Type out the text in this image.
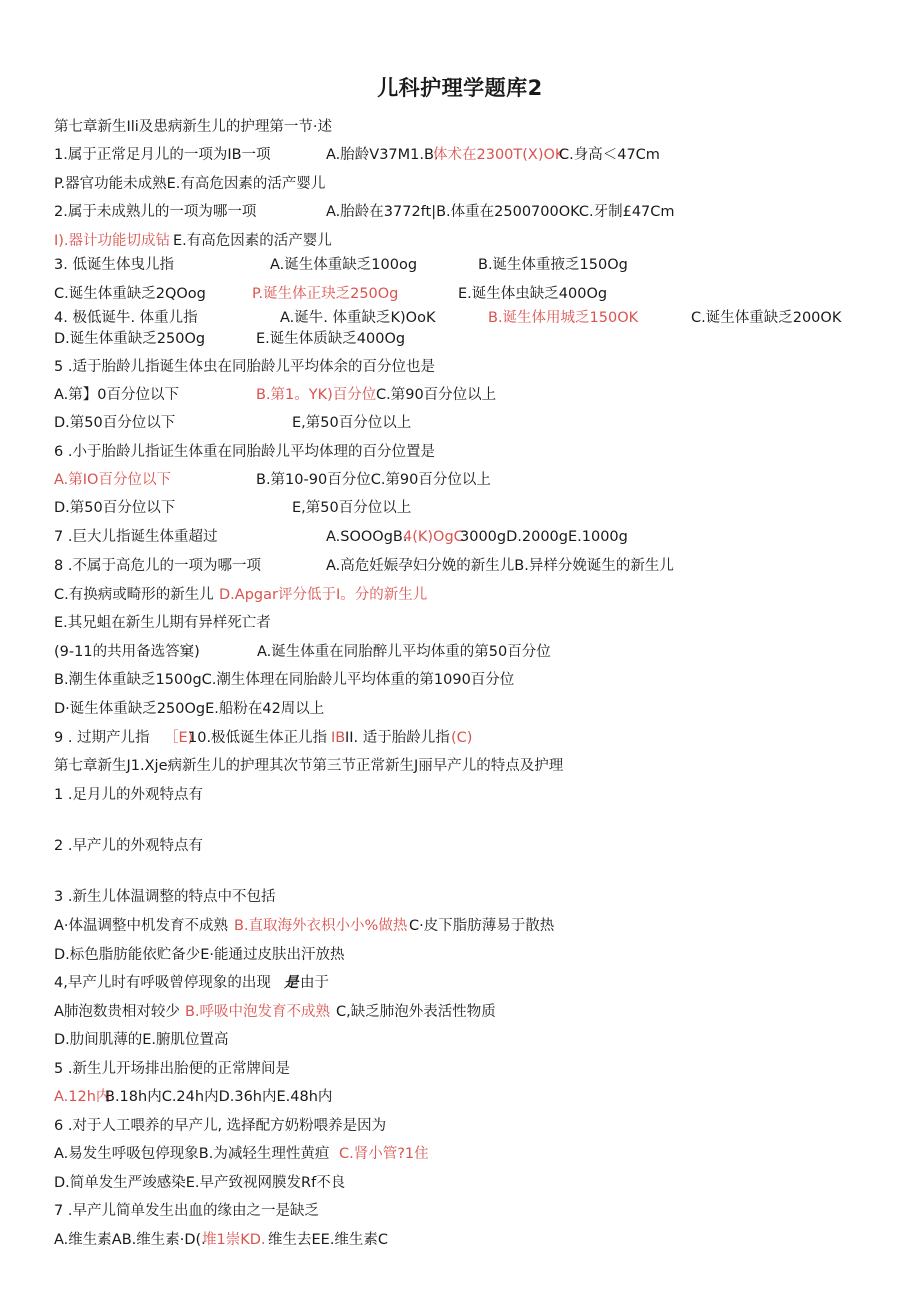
儿科护理学题库2
第七章新生Ili及患病新生儿的护理第一节·述
1.属于正常足月儿的一项为IB一项	A.胎龄V37M1.B.
体术在2300T(X)OK
C.身高＜47Cm
P.器官功能未成熟E.有高危因素的活产婴儿
2.属于未成熟儿的一项为哪一项	A.胎龄在3772ft|B.体重在2500700OKC.牙制£47Cm
I).器计功能切成钻 E.有高危因素的活产婴儿
3. 低诞生体曳儿指	A.诞生体重缺乏100og	B.诞生体重掖乏150Og
C.诞生体重缺乏2QOog	P.诞生体正玦乏250Og	E.诞生体虫缺乏400Og
4. 极低诞牛. 体重儿指	A.诞牛. 体重缺乏K)OoK	B.诞生体用城乏150OK	C.诞生体重缺乏200OK
D.诞生体重缺乏250Og	E.诞生体质缺乏400Og
5 .适于胎龄儿指诞生体虫在同胎龄儿平均体余的百分位也是
A.第】0百分位以下	B.第1。YK)百分位 C.第90百分位以上
D.第50百分位以下	E,第50百分位以上
6 .小于胎龄儿指证生体重在同胎龄儿平均体理的百分位置是
A.第IO百分位以下	B.第10-90百分位C.第90百分位以上
D.第50百分位以下	E,第50百分位以上
7 .巨大儿指诞生体重超过	A.SOOOgB.
4(K)OgC
3000gD.2000gE.1000g
8 .不属于高危儿的一项为哪一项	A.高危妊娠孕妇分娩的新生儿B.异样分娩诞生的新生儿
C.有换病或畸形的新生儿 D.Apgar评分低于I。分的新生儿
E.其兄蛆在新生儿期有异样死亡者
(9-11的共用备选答窠)	A.诞生体重在同胎醉儿平均体重的第50百分位
B.潮生体重缺乏1500gC.潮生体理在同胎龄儿平均体重的第1090百分位
D·诞生体重缺乏250OgE.船粉在42周以上
9 . 过期产儿指 ［E)
10.极低诞生体正儿指 IB II. 适于胎龄儿指 (C)
第七章新生J1.Xje病新生儿的护理其次节第三节正常新生J丽早产儿的特点及护理
1 .足月儿的外观特点有
2 .早产儿的外观特点有
3 .新生儿体温调整的特点中不包括
A·体温调整中机发育不成熟 B.直取海外衣枳小小%做热 C·皮下脂肪薄易于散热
D.标色脂肪能依贮备少E·能通过皮肤出汗放热
4,早产儿时有呼吸曾停现象的出现 是 由于
A肺泡数贵相对较少 B.呼吸中泡发育不成熟 C,缺乏肺泡外表活性物质
D.肋间肌薄的E.腑肌位置高
5 .新生儿开场排出胎便的正常牌间是
A.12h内
B.18h内C.24h内D.36h内E.48h内
6 .对于人工喂养的早产儿, 选择配方奶粉喂养是因为
A.易发生呼吸包停现象B.为减轻生理性黄疸 C.肾小管?1住
D.简单发生严竣感染E.早产致视网膜发Rf不良
7 .早产儿简单发生出血的缘由之一是缺乏
A.维生素AB.维生素·D(.
堆1崇KD. 维生去EE.维生素C
